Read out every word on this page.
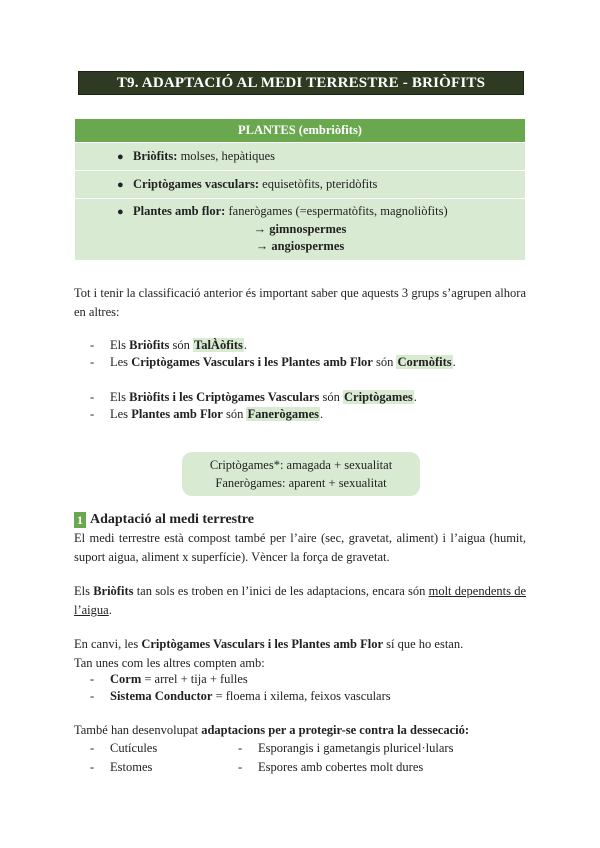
T9. ADAPTACIÓ AL MEDI TERRESTRE - BRIÒFITS
PLANTES (embriòfits)
● Briòfits: molses, hepàtiques
● Criptògames vasculars: equisetòfits, pteridòfits
● Plantes amb flor: fanerògames (=espermatòfits, magnoliòfits)
→ gimnospermes
→ angiospermes
Tot i tenir la classificació anterior és important saber que aquests 3 grups s’agrupen alhora en altres:
- Els Briòfits són TalÀòfits.
- Les Criptògames Vasculars i les Plantes amb Flor són Cormòfits.
- Els Briòfits i les Criptògames Vasculars són Criptògames.
- Les Plantes amb Flor són Fanerògames.
Criptògames*: amagada + sexualitat
Fanerògames: aparent + sexualitat
1 Adaptació al medi terrestre
El medi terrestre està compost també per l’aire (sec, gravetat, aliment) i l’aigua (humit, suport aigua, aliment x superfície). Vèncer la força de gravetat.
Els Briòfits tan sols es troben en l’inici de les adaptacions, encara són molt dependents de l’aigua.
En canvi, les Criptògames Vasculars i les Plantes amb Flor sí que ho estan.
Tan unes com les altres compten amb:
- Corm = arrel + tija + fulles
- Sistema Conductor = floema i xilema, feixos vasculars
També han desenvolupat adaptacions per a protegir-se contra la dessecació:
- Cutícules
- Estomes
- Esporangis i gametangis pluricel·lulars
- Espores amb cobertes molt dures
